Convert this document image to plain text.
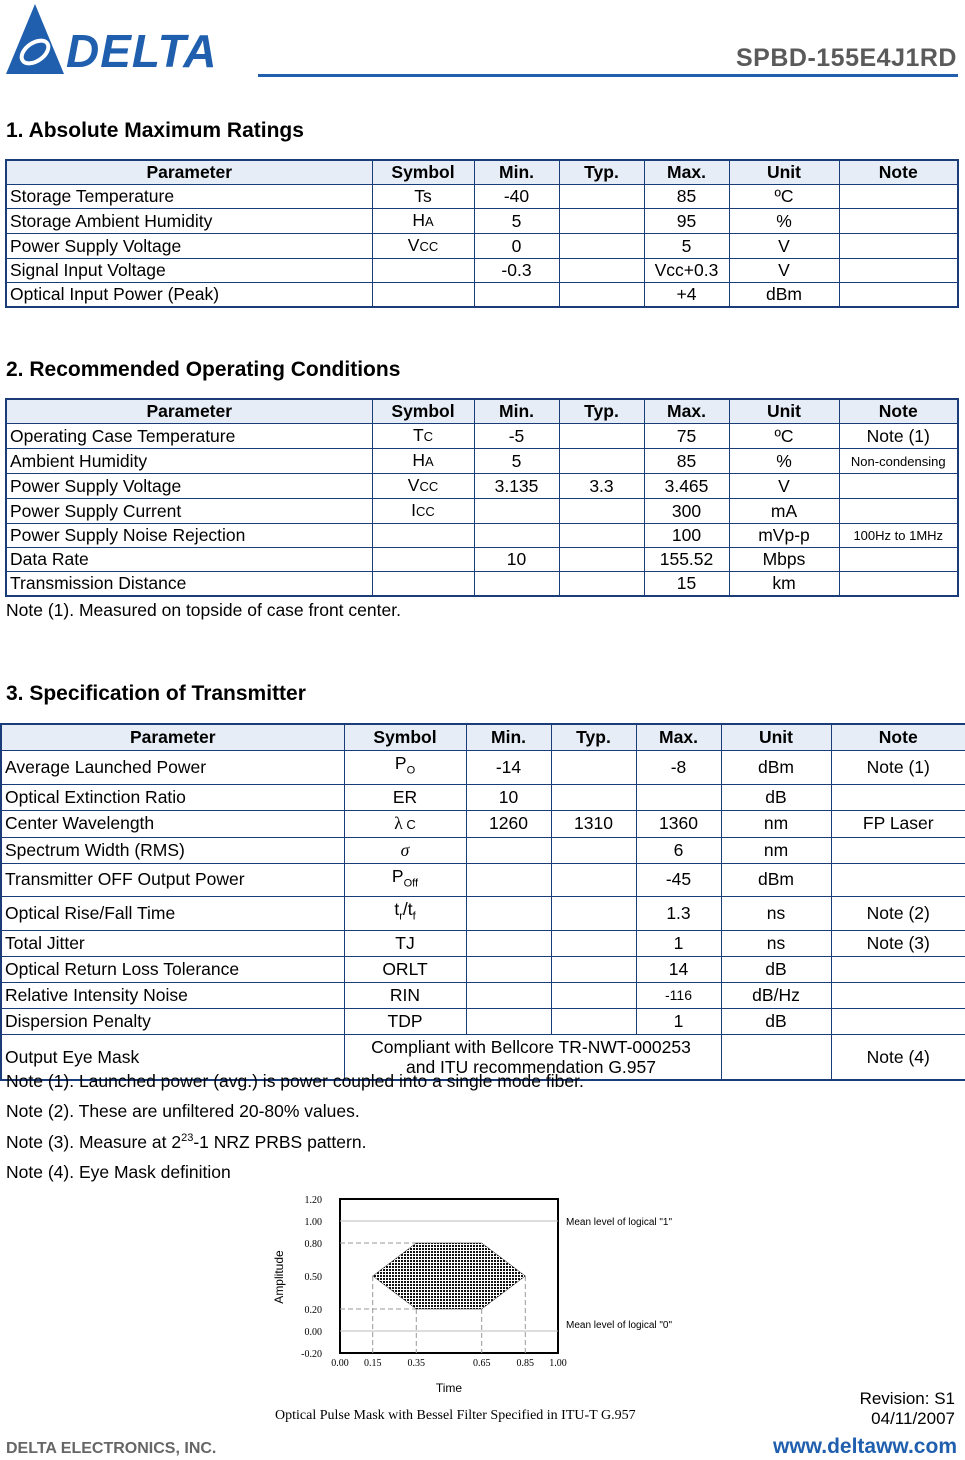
DELTA	SPBD-155E4J1RD
1. Absolute Maximum Ratings
Parameter	Symbol	Min.	Typ.	Max.	Unit	Note
Storage Temperature	Ts	-40		85	ºC	
Storage Ambient Humidity	HA	5		95	%	
Power Supply Voltage	VCC	0		5	V	
Signal Input Voltage		-0.3		Vcc+0.3	V	
Optical Input Power (Peak)				+4	dBm	
2. Recommended Operating Conditions
Parameter	Symbol	Min.	Typ.	Max.	Unit	Note
Operating Case Temperature	TC	-5		75	ºC	Note (1)
Ambient Humidity	HA	5		85	%	Non-condensing
Power Supply Voltage	VCC	3.135	3.3	3.465	V	
Power Supply Current	ICC			300	mA	
Power Supply Noise Rejection				100	mVp-p	100Hz to 1MHz
Data Rate		10		155.52	Mbps	
Transmission Distance				15	km	

Note (1). Measured on topside of case front center.

3. Specification of Transmitter
Parameter	Symbol	Min.	Typ.	Max.	Unit	Note
Average Launched Power	$P_O$	-14		-8	dBm	Note (1)
Optical Extinction Ratio	ER	10			dB	
Center Wavelength	λ C	1260	1310	1360	nm	FP Laser
Spectrum Width (RMS)	σ			6	nm	
Transmitter OFF Output Power	$P_{Off}$			-45	dBm	
Optical Rise/Fall Time	$t_r/t_f$			1.3	ns	Note (2)
Total Jitter	TJ			1	ns	Note (3)
Optical Return Loss Tolerance	ORLT			14	dB	
Relative Intensity Noise	RIN			-116	dB/Hz	
Dispersion Penalty	TDP			1	dB	
Output Eye Mask	Compliant with Bellcore TR-NWT-000253
and ITU recommendation G.957					Note (4)

Note (1). Launched power (avg.) is power coupled into a single mode fiber.

Note (2). These are unfiltered 20-80% values.

Note (3). Measure at $2^{23}-1$ NRZ PRBS pattern.

Note (4). Eye Mask definition

1.20
1.00
0.80
0.50
0.20
0.00
-0.20
0.00 0.15	0.35	0.65	0.85 1.00
Amplitude
Time
Mean level of logical "1"
Mean level of logical "0"
Optical Pulse Mask with Bessel Filter Specified in ITU-T G.957
Revision: S1
04/11/2007
DELTA ELECTRONICS, INC.	www.deltaww.com
